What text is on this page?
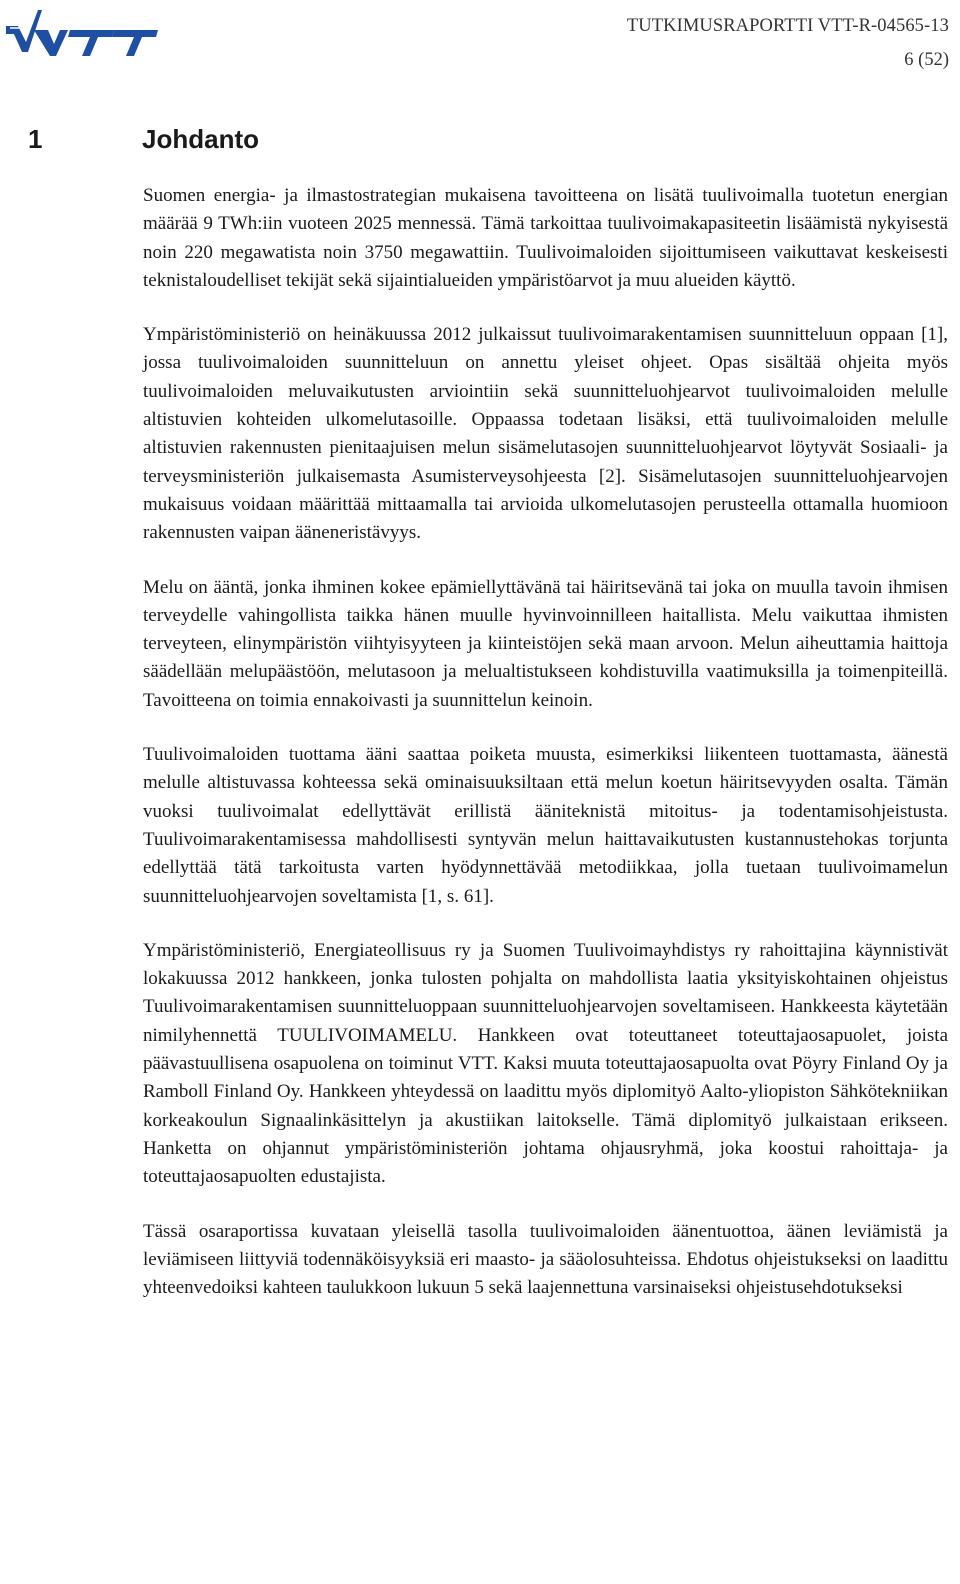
TUTKIMUSRAPORTTI VTT-R-04565-13
6 (52)
1	Johdanto

Suomen energia- ja ilmastostrategian mukaisena tavoitteena on lisätä tuulivoimalla tuotetun energian määrää 9 TWh:iin vuoteen 2025 mennessä. Tämä tarkoittaa tuulivoimakapasiteetin lisäämistä nykyisestä noin 220 megawatista noin 3750 megawattiin. Tuulivoimaloiden sijoittumiseen vaikuttavat keskeisesti teknistaloudelliset tekijät sekä sijaintialueiden ympäristöarvot ja muu alueiden käyttö.

Ympäristöministeriö on heinäkuussa 2012 julkaissut tuulivoimarakentamisen suunnitteluun oppaan [1], jossa tuulivoimaloiden suunnitteluun on annettu yleiset ohjeet. Opas sisältää ohjeita myös tuulivoimaloiden meluvaikutusten arviointiin sekä suunnitteluohjearvot tuulivoimaloiden melulle altistuvien kohteiden ulkomelutasoille. Oppaassa todetaan lisäksi, että tuulivoimaloiden melulle altistuvien rakennusten pienitaajuisen melun sisämelutasojen suunnitteluohjearvot löytyvät Sosiaali- ja terveysministeriön julkaisemasta Asumisterveysohjeesta [2]. Sisämelutasojen suunnitteluohjearvojen mukaisuus voidaan määrittää mittaamalla tai arvioida ulkomelutasojen perusteella ottamalla huomioon rakennusten vaipan ääneneristävyys.

Melu on ääntä, jonka ihminen kokee epämiellyttävänä tai häiritsevänä tai joka on muulla tavoin ihmisen terveydelle vahingollista taikka hänen muulle hyvinvoinnilleen haitallista. Melu vaikuttaa ihmisten terveyteen, elinympäristön viihtyisyyteen ja kiinteistöjen sekä maan arvoon. Melun aiheuttamia haittoja säädellään melupäästöön, melutasoon ja melualtistukseen kohdistuvilla vaatimuksilla ja toimenpiteillä. Tavoitteena on toimia ennakoivasti ja suunnittelun keinoin.

Tuulivoimaloiden tuottama ääni saattaa poiketa muusta, esimerkiksi liikenteen tuottamasta, äänestä melulle altistuvassa kohteessa sekä ominaisuuksiltaan että melun koetun häiritsevyyden osalta. Tämän vuoksi tuulivoimalat edellyttävät erillistä ääniteknistä mitoitus- ja todentamisohjeistusta. Tuulivoimarakentamisessa mahdollisesti syntyvän melun haittavaikutusten kustannustehokas torjunta edellyttää tätä tarkoitusta varten hyödynnettävää metodiikkaa, jolla tuetaan tuulivoimamelun suunnitteluohjearvojen soveltamista [1, s. 61].

Ympäristöministeriö, Energiateollisuus ry ja Suomen Tuulivoimayhdistys ry rahoittajina käynnistivät lokakuussa 2012 hankkeen, jonka tulosten pohjalta on mahdollista laatia yksityiskohtainen ohjeistus Tuulivoimarakentamisen suunnitteluoppaan suunnitteluohjearvojen soveltamiseen. Hankkeesta käytetään nimilyhennettä TUULIVOIMAMELU. Hankkeen ovat toteuttaneet toteuttajaosapuolet, joista päävastuullisena osapuolena on toiminut VTT. Kaksi muuta toteuttajaosapuolta ovat Pöyry Finland Oy ja Ramboll Finland Oy. Hankkeen yhteydessä on laadittu myös diplomityö Aalto-yliopiston Sähkötekniikan korkeakoulun Signaalinkäsittelyn ja akustiikan laitokselle. Tämä diplomityö julkaistaan erikseen. Hanketta on ohjannut ympäristöministeriön johtama ohjausryhmä, joka koostui rahoittaja- ja toteuttajaosapuolten edustajista.

Tässä osaraportissa kuvataan yleisellä tasolla tuulivoimaloiden äänentuottoa, äänen leviämistä ja leviämiseen liittyviä todennäköisyyksiä eri maasto- ja sääolosuhteissa. Ehdotus ohjeistukseksi on laadittu yhteenvedoiksi kahteen taulukkoon lukuun 5 sekä laajennettuna varsinaiseksi ohjeistusehdotukseksi
